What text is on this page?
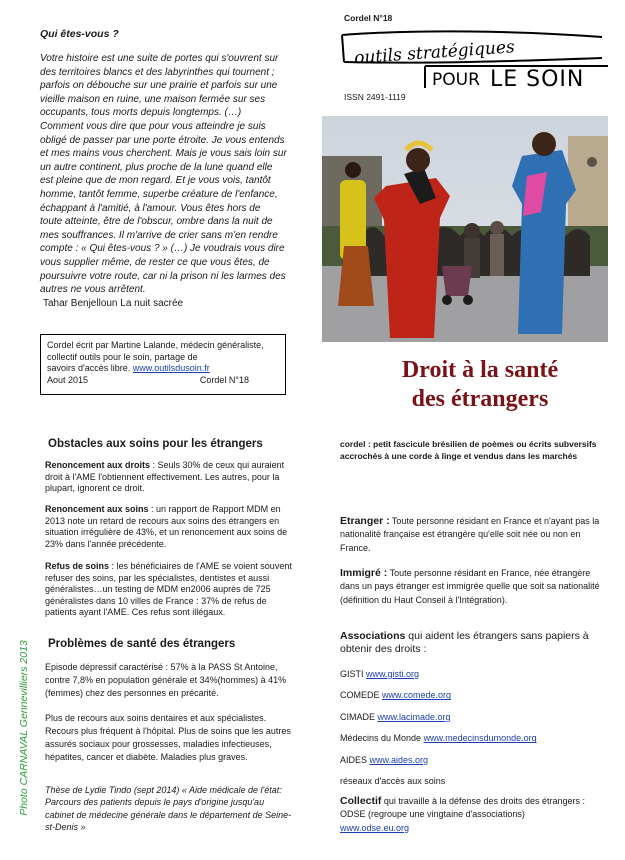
Qui êtes-vous ?
Votre histoire est une suite de portes qui s'ouvrent sur
des territoires blancs et des labyrinthes qui tournent ;
parfois on débouche sur une prairie et parfois sur une
vieille maison en ruine, une maison fermée sur ses
occupants, tous morts depuis longtemps. (…)
Comment vous dire que pour vous atteindre je suis
obligé de passer par une porte étroite. Je vous entends
et mes mains vous cherchent. Mais je vous sais loin sur
un autre continent, plus proche de la lune quand elle
est pleine que de mon regard. Et je vous vois, tantôt
homme, tantôt femme, superbe créature de l'enfance,
échappant à l'amitié, à l'amour. Vous êtes hors de
toute atteinte, être de l'obscur, ombre dans la nuit de
mes souffrances. Il m'arrive de crier sans m'en rendre
compte : « Qui êtes-vous ? » (…) Je voudrais vous dire
vous supplier même, de rester ce que vous êtes, de
poursuivre votre route, car ni la prison ni les larmes des
autres ne vous arrêtent.
Tahar Benjelloun La nuit sacrée
Cordel écrit par Martine Lalande, médecin généraliste,
collectif outils pour le soin, partage de
savoirs d'accès libre. www.outilsdusoin.fr
Aout 2015	Cordel N°18
Cordel N°18
outils stratégiques
POUR LE SOIN
ISSN 2491-1119
Photo CARNAVAL Gennevilliers 2013
Droit à la santé
des étrangers
cordel : petit fascicule brésilien de poèmes ou écrits subversifs accrochés à une corde à linge et vendus dans les marchés
Obstacles aux soins pour les étrangers
Renoncement aux droits : Seuls 30% de ceux qui auraient droit à l'AME l'obtiennent effectivement. Les autres, pour la plupart, ignorent ce droit.
Renoncement aux soins : un rapport de Rapport MDM en 2013 note un retard de recours aux soins des étrangers en situation irrégulière de 43%, et un renoncement aux soins de 23% dans l'année précédente.
Refus de soins : les bénéficiaires de l'AME se voient souvent refuser des soins, par les spécialistes, dentistes et aussi généralistes…un testing de MDM en2006 auprès de 725 généralistes dans 10 villes de France : 37% de refus de patients ayant l'AME. Ces refus sont illégaux.
Problèmes de santé des étrangers
Episode dépressif caractérisé : 57% à la PASS St Antoine, contre 7,8% en population générale et 34%(hommes) à 41%(femmes) chez des personnes en précarité.
Plus de recours aux soins dentaires et aux spécialistes. Recours plus fréquent à l'hôpital. Plus de soins que les autres assurés sociaux pour grossesses, maladies infectieuses, hépatites, cancer et diabète. Maladies plus graves.
Thèse de Lydie Tindo (sept 2014) « Aide médicale de l'état: Parcours des patients depuis le pays d'origine jusqu'au cabinet de médecine générale dans le département de Seine-st-Denis »
Etranger : Toute personne résidant en France et n'ayant pas la nationalité française est étrangère qu'elle soit née ou non en France.
Immigré : Toute personne résidant en France, née étrangère dans un pays étranger est immigrée quelle que soit sa nationalité (définition du Haut Conseil à l'Intégration).
Associations qui aident les étrangers sans papiers à obtenir des droits :
GISTI www.gisti.org
COMEDE www.comede.org
CIMADE www.lacimade.org
Médecins du Monde www.medecinsdumonde.org
AIDES www.aides.org
réseaux d'accès aux soins
Collectif qui travaille à la défense des droits des étrangers : ODSE (regroupe une vingtaine d'associations)
www.odse.eu.org
